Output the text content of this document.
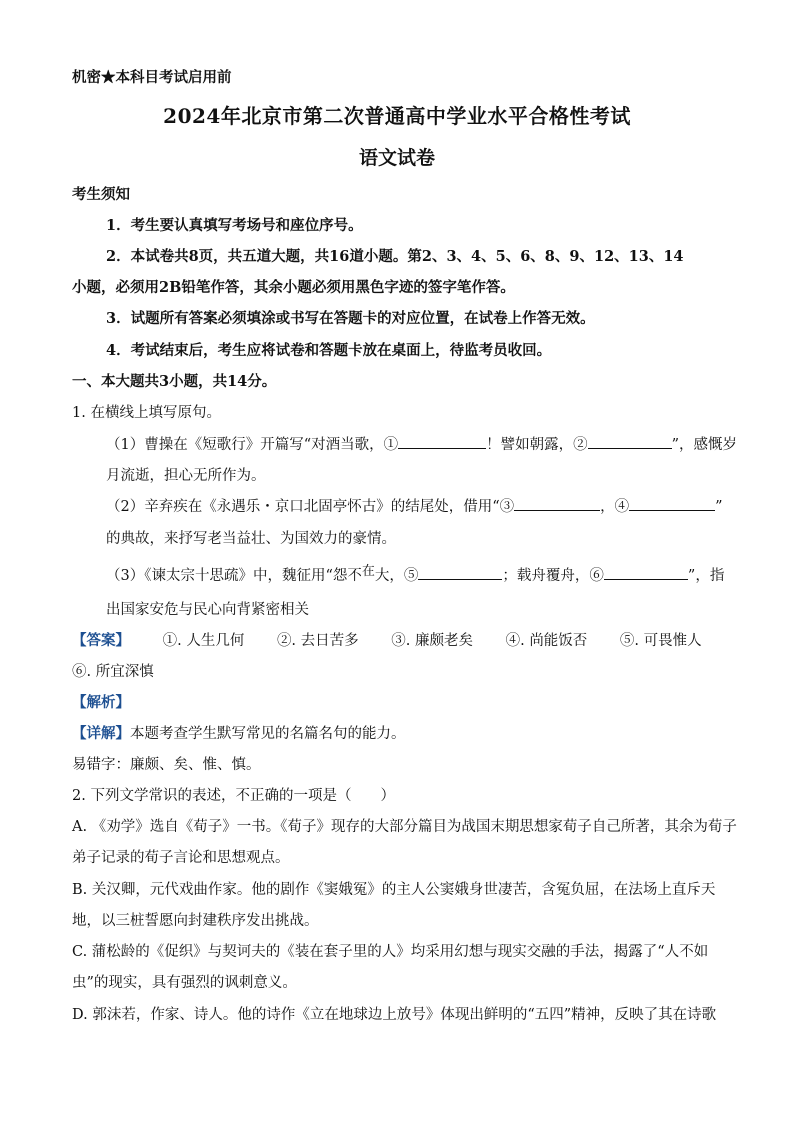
机密★本科目考试启用前
2024年北京市第二次普通高中学业水平合格性考试
语文试卷
考生须知
1．考生要认真填写考场号和座位序号。
2．本试卷共8页，共五道大题，共16道小题。第2、3、4、5、6、8、9、12、13、14
小题，必须用2B铅笔作答，其余小题必须用黑色字迹的签字笔作答。
3．试题所有答案必须填涂或书写在答题卡的对应位置，在试卷上作答无效。
4．考试结束后，考生应将试卷和答题卡放在桌面上，待监考员收回。
一、本大题共3小题，共14分。
1. 在横线上填写原句。
（1）曹操在《短歌行》开篇写“对酒当歌，①	！譬如朝露，②	”，感慨岁
月流逝，担心无所作为。
（2）辛弃疾在《永遇乐・京口北固亭怀古》的结尾处，借用“③	，④	”
的典故，来抒写老当益壮、为国效力的豪情。
（3）《谏太宗十思疏》中，魏征用“怨不在大，⑤	；载舟覆舟，⑥	”，指
出国家安危与民心向背紧密相关
【答案】 ①. 人生几何 ②. 去日苦多 ③. 廉颇老矣 ④. 尚能饭否 ⑤. 可畏惟人
⑥. 所宜深慎
【解析】
【详解】本题考查学生默写常见的名篇名句的能力。
易错字：廉颇、矣、惟、慎。
2. 下列文学常识的表述，不正确的一项是（　　）
A. 《劝学》选自《荀子》一书。《荀子》现存的大部分篇目为战国末期思想家荀子自己所著，其余为荀子
弟子记录的荀子言论和思想观点。
B. 关汉卿，元代戏曲作家。他的剧作《窦娥冤》的主人公窦娥身世凄苦，含冤负屈，在法场上直斥天
地，以三桩誓愿向封建秩序发出挑战。
C. 蒲松龄的《促织》与契诃夫的《装在套子里的人》均采用幻想与现实交融的手法，揭露了“人不如
虫”的现实，具有强烈的讽刺意义。
D. 郭沫若，作家、诗人。他的诗作《立在地球边上放号》体现出鲜明的“五四”精神，反映了其在诗歌
